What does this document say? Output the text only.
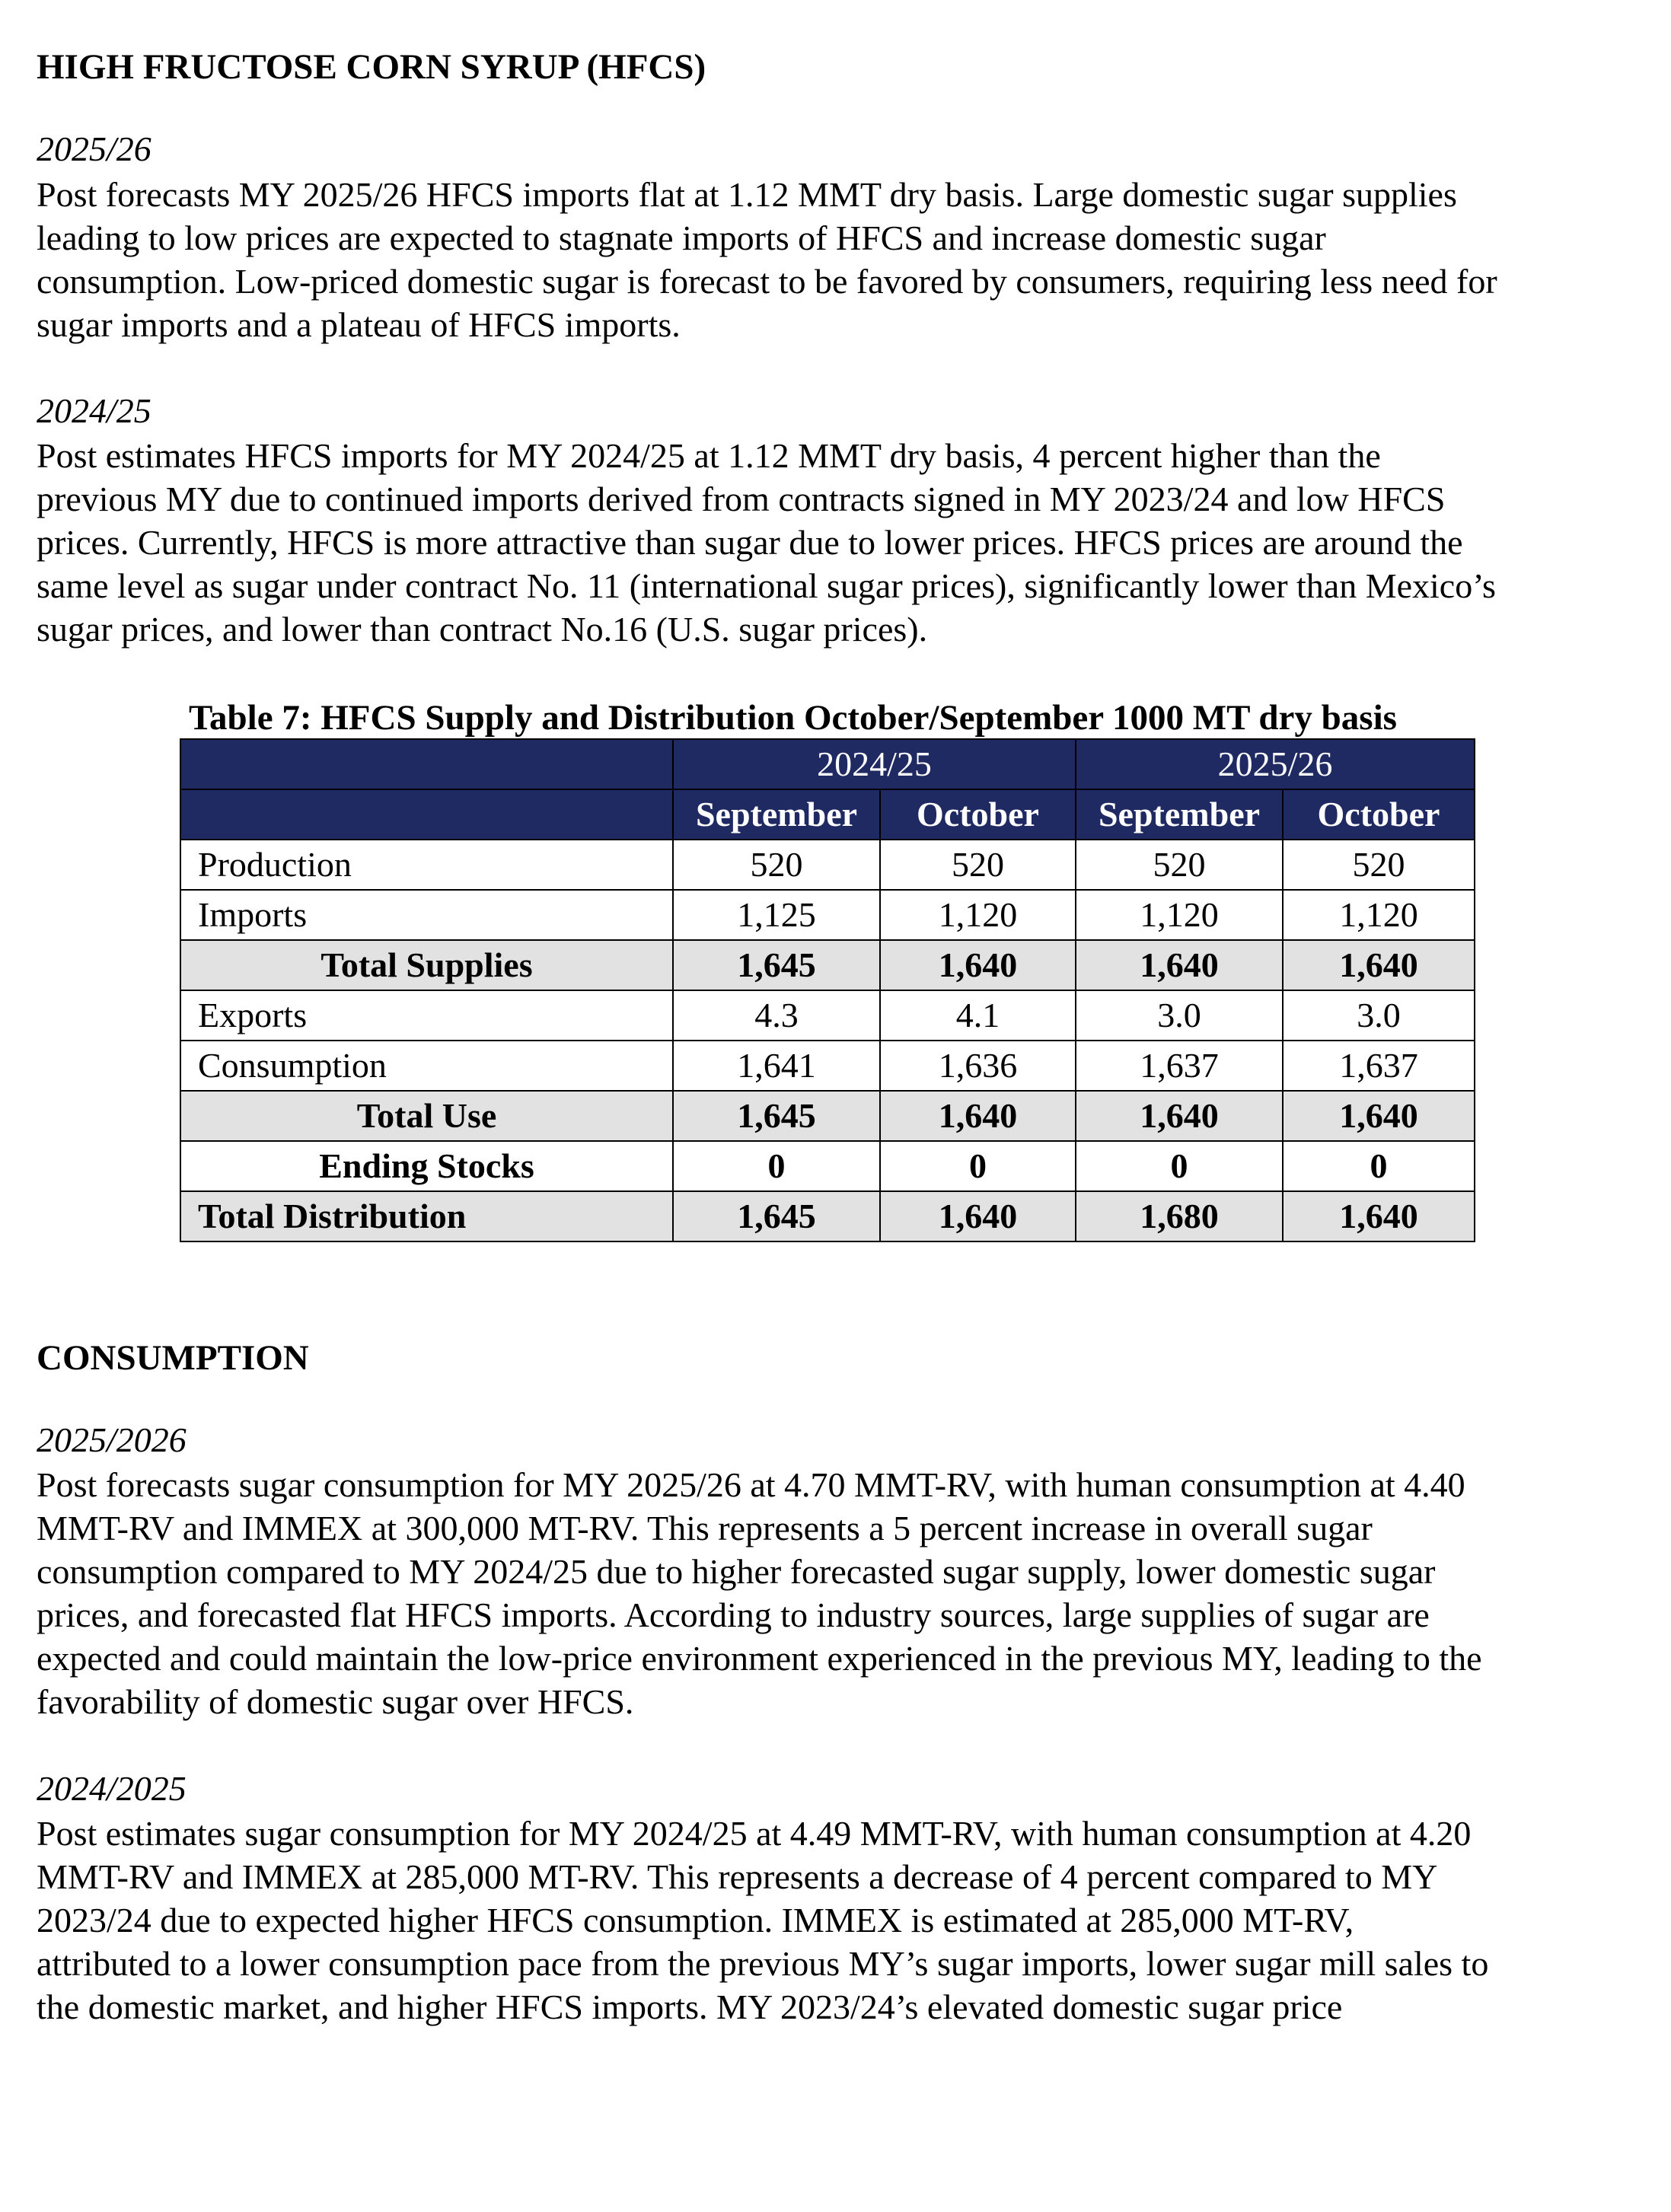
HIGH FRUCTOSE CORN SYRUP (HFCS)
2025/26
Post forecasts MY 2025/26 HFCS imports flat at 1.12 MMT dry basis. Large domestic sugar supplies
leading to low prices are expected to stagnate imports of HFCS and increase domestic sugar
consumption. Low-priced domestic sugar is forecast to be favored by consumers, requiring less need for
sugar imports and a plateau of HFCS imports.
2024/25
Post estimates HFCS imports for MY 2024/25 at 1.12 MMT dry basis, 4 percent higher than the
previous MY due to continued imports derived from contracts signed in MY 2023/24 and low HFCS
prices. Currently, HFCS is more attractive than sugar due to lower prices. HFCS prices are around the
same level as sugar under contract No. 11 (international sugar prices), significantly lower than Mexico’s
sugar prices, and lower than contract No.16 (U.S. sugar prices).
Table 7: HFCS Supply and Distribution October/September 1000 MT dry basis
	2024/25		2025/26	
	September	October	September	October
Production	520	520	520	520
Imports	1,125	1,120	1,120	1,120
Total Supplies	1,645	1,640	1,640	1,640
Exports	4.3	4.1	3.0	3.0
Consumption	1,641	1,636	1,637	1,637
Total Use	1,645	1,640	1,640	1,640
Ending Stocks	0	0	0	0
Total Distribution	1,645	1,640	1,680	1,640
CONSUMPTION
2025/2026
Post forecasts sugar consumption for MY 2025/26 at 4.70 MMT-RV, with human consumption at 4.40
MMT-RV and IMMEX at 300,000 MT-RV. This represents a 5 percent increase in overall sugar
consumption compared to MY 2024/25 due to higher forecasted sugar supply, lower domestic sugar
prices, and forecasted flat HFCS imports. According to industry sources, large supplies of sugar are
expected and could maintain the low-price environment experienced in the previous MY, leading to the
favorability of domestic sugar over HFCS.
2024/2025
Post estimates sugar consumption for MY 2024/25 at 4.49 MMT-RV, with human consumption at 4.20
MMT-RV and IMMEX at 285,000 MT-RV. This represents a decrease of 4 percent compared to MY
2023/24 due to expected higher HFCS consumption. IMMEX is estimated at 285,000 MT-RV,
attributed to a lower consumption pace from the previous MY’s sugar imports, lower sugar mill sales to
the domestic market, and higher HFCS imports. MY 2023/24’s elevated domestic sugar price
